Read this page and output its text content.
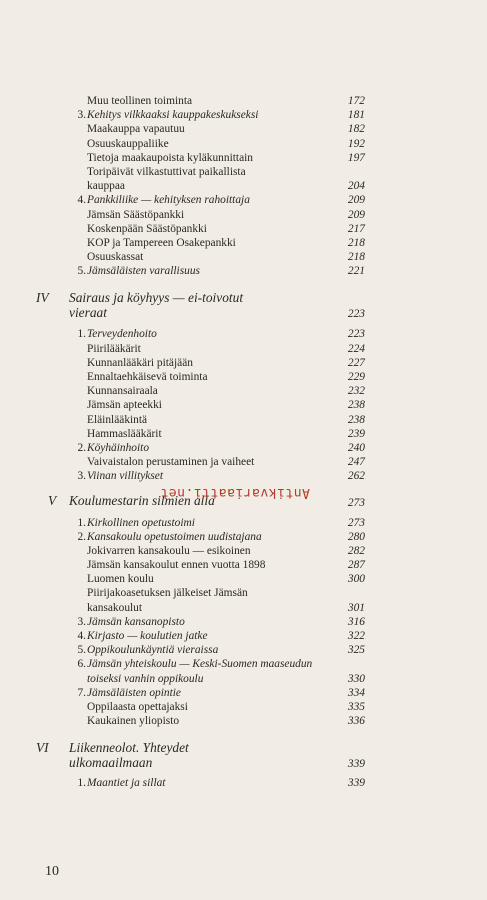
Muu teollinen toiminta	172
3. Kehitys vilkkaaksi kauppakeskukseksi	181
Maakauppa vapautuu	182
Osuuskauppaliike	192
Tietoja maakaupoista kyläkunnittain	197
Toripäivät vilkastuttivat paikallista
kauppaa	204
4. Pankkiliike — kehityksen rahoittaja	209
Jämsän Säästöpankki	209
Koskenpään Säästöpankki	217
KOP ja Tampereen Osakepankki	218
Osuuskassat	218
5. Jämsäläisten varallisuus	221
IV Sairaus ja köyhyys — ei-toivotut vieraat	223
1. Terveydenhoito	223
Piirilääkärit	224
Kunnanlääkäri pitäjään	227
Ennaltaehkäisevä toiminta	229
Kunnansairaala	232
Jämsän apteekki	238
Eläinlääkintä	238
Hammaslääkärit	239
2. Köyhäinhoito	240
Vaivaistalon perustaminen ja vaiheet	247
3. Viinan villitykset	262
V Koulumestarin silmien alla	273
1. Kirkollinen opetustoimi	273
2. Kansakoulu opetustoimen uudistajana	280
Jokivarren kansakoulu — esikoinen	282
Jämsän kansakoulut ennen vuotta 1898	287
Luomen koulu	300
Piirijakoasetuksen jälkeiset Jämsän
kansakoulut	301
3. Jämsän kansanopisto	316
4. Kirjasto — koulutien jatke	322
5. Oppikoulunkäyntiä vieraissa	325
6. Jämsän yhteiskoulu — Keski-Suomen maaseudun
toiseksi vanhin oppikoulu	330
7. Jämsäläisten opintie	334
Oppilaasta opettajaksi	335
Kaukainen yliopisto	336
VI Liikenneolot. Yhteydet ulkomaailmaan	339
1. Maantiet ja sillat	339
Antikvariaatti.net
10
